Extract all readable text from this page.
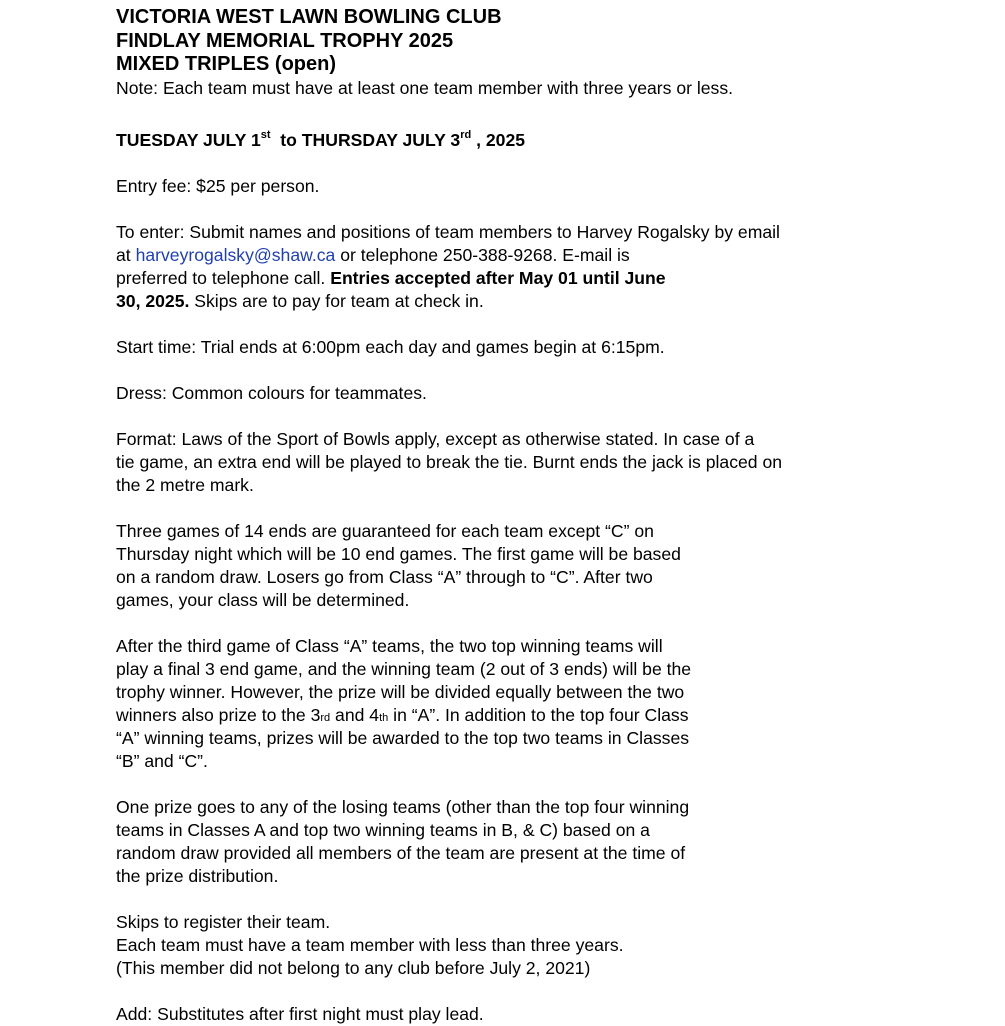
VICTORIA WEST LAWN BOWLING CLUB

FINDLAY MEMORIAL TROPHY 2025

MIXED TRIPLES (open)

Note: Each team must have at least one team member with three years or less.

TUESDAY JULY 1st  to THURSDAY JULY 3rd , 2025

Entry fee: $25 per person.

To enter: Submit names and positions of team members to Harvey Rogalsky by email

at harveyrogalsky@shaw.ca or telephone 250-388-9268. E-mail is

preferred to telephone call. Entries accepted after May 01 until June

30, 2025. Skips are to pay for team at check in.

Start time: Trial ends at 6:00pm each day and games begin at 6:15pm.

Dress: Common colours for teammates.

Format: Laws of the Sport of Bowls apply, except as otherwise stated. In case of a

tie game, an extra end will be played to break the tie. Burnt ends the jack is placed on

the 2 metre mark.

Three games of 14 ends are guaranteed for each team except “C” on

Thursday night which will be 10 end games. The first game will be based

on a random draw. Losers go from Class “A” through to “C”. After two

games, your class will be determined.

After the third game of Class “A” teams, the two top winning teams will

play a final 3 end game, and the winning team (2 out of 3 ends) will be the

trophy winner. However, the prize will be divided equally between the two

winners also prize to the 3rd and 4th in “A”. In addition to the top four Class

“A” winning teams, prizes will be awarded to the top two teams in Classes

“B” and “C”.

One prize goes to any of the losing teams (other than the top four winning

teams in Classes A and top two winning teams in B, & C) based on a

random draw provided all members of the team are present at the time of

the prize distribution.

Skips to register their team.

Each team must have a team member with less than three years.

(This member did not belong to any club before July 2, 2021)

Add: Substitutes after first night must play lead.
